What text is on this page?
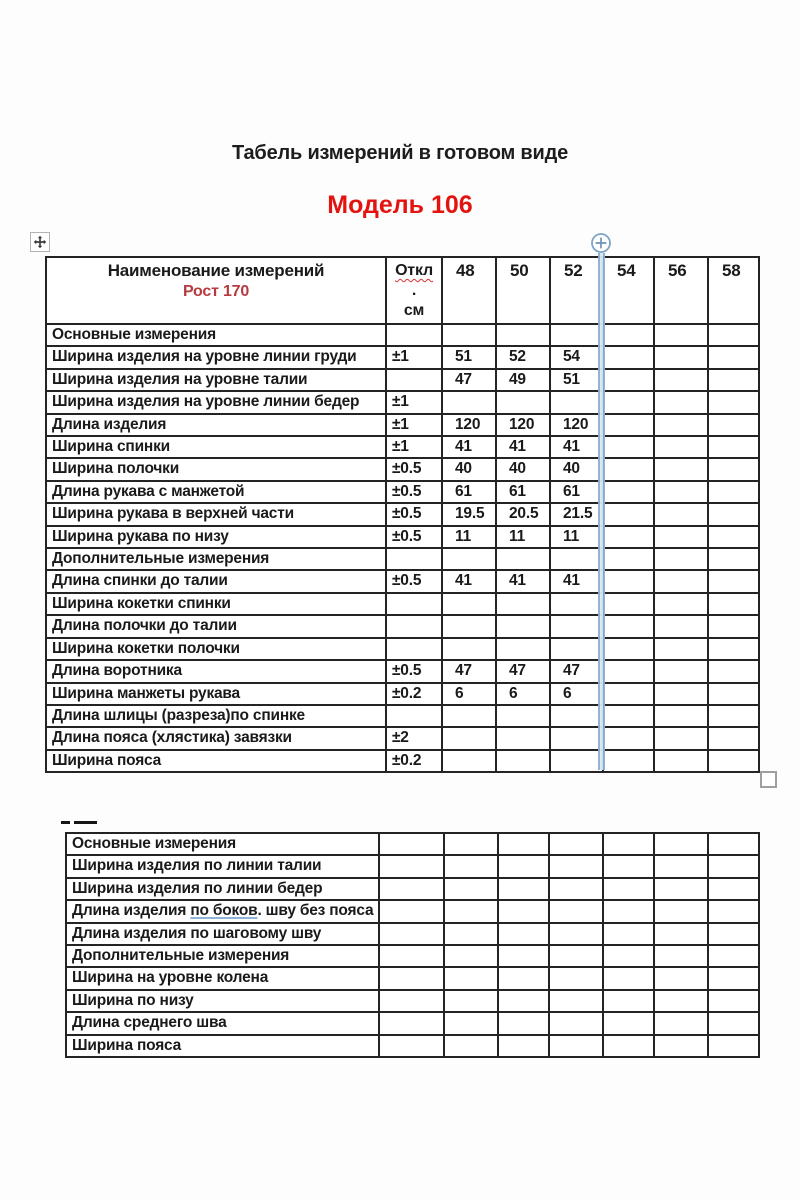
Табель измерений в готовом виде
Модель 106
Наименование измерений
Рост 170

Откл
.
см
	48	50	52	54	56	58
Основные измерения							
Ширина изделия на уровне линии груди	±1	51	52	54			
Ширина изделия на уровне талии		47	49	51			
Ширина изделия на уровне линии бедер	±1						
Длина изделия	±1	120	120	120			
Ширина спинки	±1	41	41	41			
Ширина полочки	±0.5	40	40	40			
Длина рукава с манжетой	±0.5	61	61	61			
Ширина рукава в верхней части	±0.5	19.5	20.5	21.5			
Ширина рукава по низу	±0.5	11	11	11			
Дополнительные измерения							
Длина спинки до талии	±0.5	41	41	41			
Ширина кокетки спинки							
Длина полочки до талии							
Ширина кокетки полочки							
Длина воротника	±0.5	47	47	47			
Ширина манжеты рукава	±0.2	6	6	6			
Длина шлицы (разреза)по спинке							
Длина пояса (хлястика) завязки	±2						
Ширина пояса	±0.2						
Основные измерения							
Ширина изделия по линии талии							
Ширина изделия по линии бедер							
Длина изделия по боков. шву без пояса							
Длина изделия по шаговому шву							
Дополнительные измерения							
Ширина на уровне колена							
Ширина по низу							
Длина среднего шва							
Ширина пояса							
